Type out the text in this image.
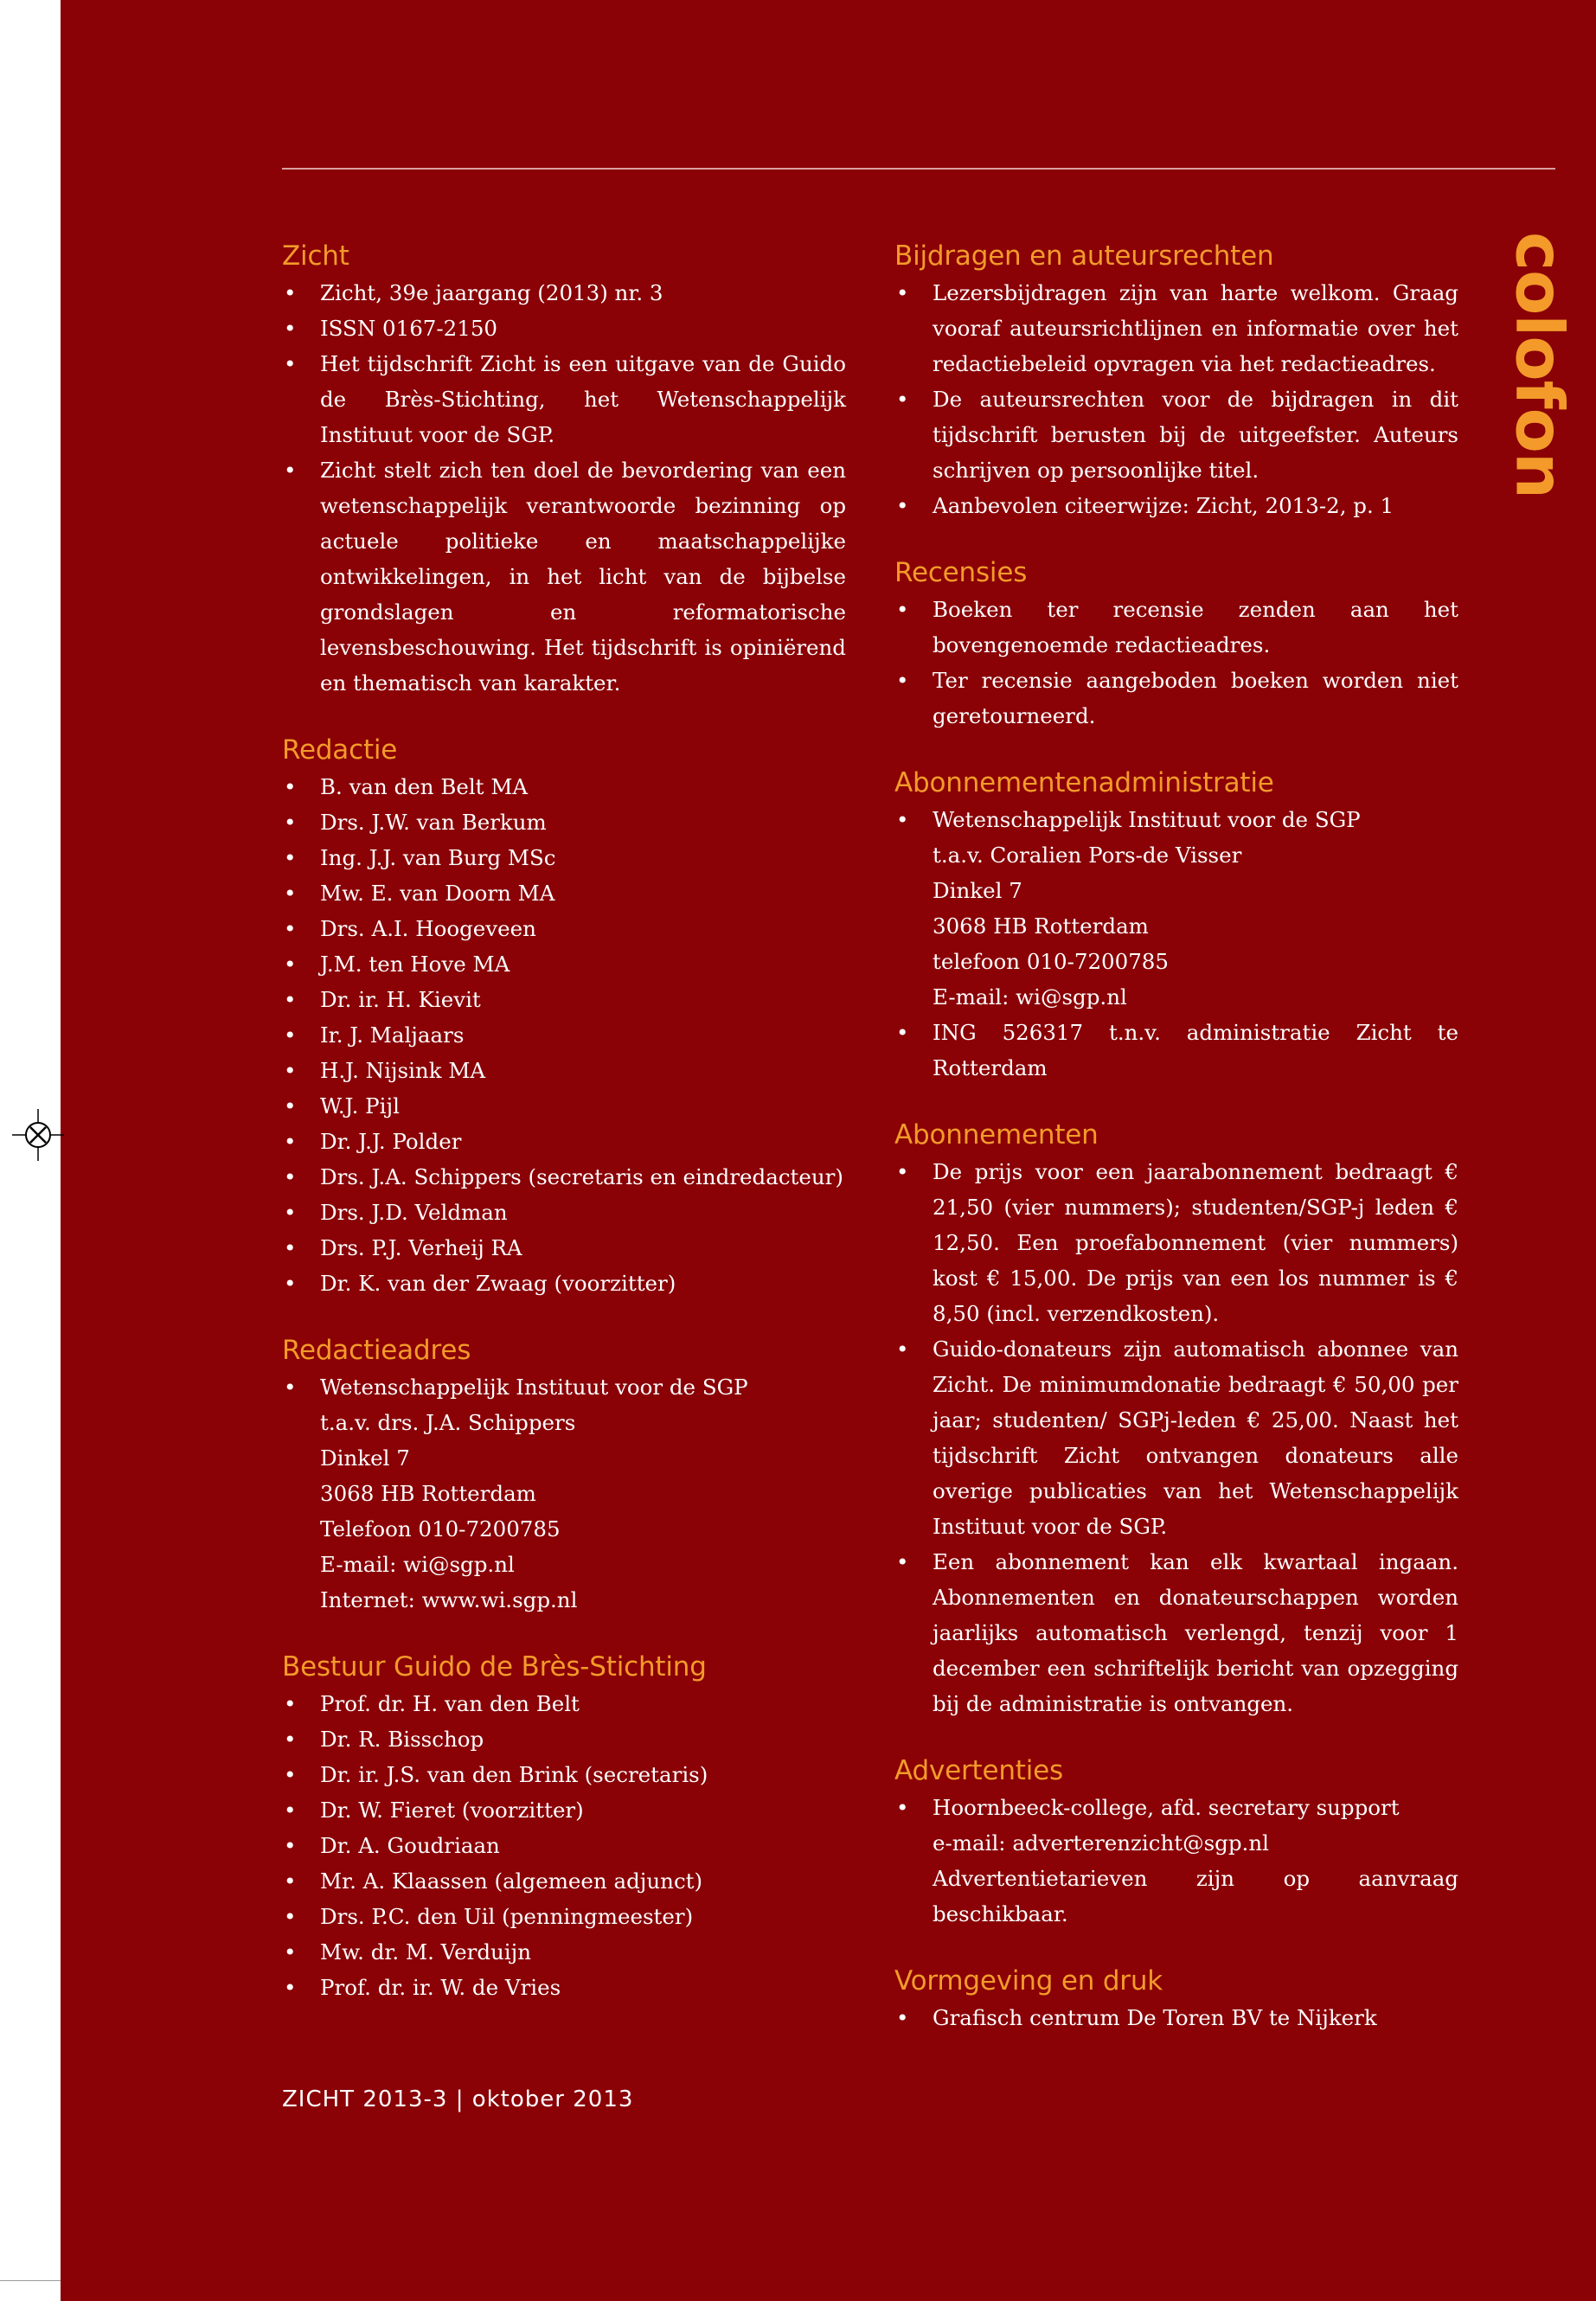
Zicht
• Zicht, 39e jaargang (2013) nr. 3
• ISSN 0167-2150
• Het tijdschrift Zicht is een uitgave van de Guido de Brès-Stichting, het Wetenschappelijk Instituut voor de SGP.
• Zicht stelt zich ten doel de bevordering van een wetenschappelijk verantwoorde bezinning op actuele politieke en maatschappelijke ontwikkelingen, in het licht van de bijbelse grondslagen en reformatorische levensbeschouwing. Het tijdschrift is opiniërend en thematisch van karakter.
Redactie
• B. van den Belt MA
• Drs. J.W. van Berkum
• Ing. J.J. van Burg MSc
• Mw. E. van Doorn MA
• Drs. A.I. Hoogeveen
• J.M. ten Hove MA
• Dr. ir. H. Kievit
• Ir. J. Maljaars
• H.J. Nijsink MA
• W.J. Pijl
• Dr. J.J. Polder
• Drs. J.A. Schippers (secretaris en eindredacteur)
• Drs. J.D. Veldman
• Drs. P.J. Verheij RA
• Dr. K. van der Zwaag (voorzitter)
Redactieadres
• Wetenschappelijk Instituut voor de SGP
t.a.v. drs. J.A. Schippers
Dinkel 7
3068 HB Rotterdam
Telefoon 010-7200785
E-mail: wi@sgp.nl
Internet: www.wi.sgp.nl
Bestuur Guido de Brès-Stichting
• Prof. dr. H. van den Belt
• Dr. R. Bisschop
• Dr. ir. J.S. van den Brink (secretaris)
• Dr. W. Fieret (voorzitter)
• Dr. A. Goudriaan
• Mr. A. Klaassen (algemeen adjunct)
• Drs. P.C. den Uil (penningmeester)
• Mw. dr. M. Verduijn
• Prof. dr. ir. W. de Vries
Bijdragen en auteursrechten
• Lezersbijdragen zijn van harte welkom. Graag vooraf auteursrichtlijnen en informatie over het redactiebeleid opvragen via het redactieadres.
• De auteursrechten voor de bijdragen in dit tijdschrift berusten bij de uitgeefster. Auteurs schrijven op persoonlijke titel.
• Aanbevolen citeerwijze: Zicht, 2013-2, p. 1
Recensies
• Boeken ter recensie zenden aan het bovengenoemde redactieadres.
• Ter recensie aangeboden boeken worden niet geretourneerd.
Abonnementenadministratie
• Wetenschappelijk Instituut voor de SGP
t.a.v. Coralien Pors-de Visser
Dinkel 7
3068 HB Rotterdam
telefoon 010-7200785
E-mail: wi@sgp.nl
• ING 526317 t.n.v. administratie Zicht te Rotterdam
Abonnementen
• De prijs voor een jaarabonnement bedraagt € 21,50 (vier nummers); studenten/SGP-j leden € 12,50. Een proefabonnement (vier nummers) kost € 15,00. De prijs van een los nummer is € 8,50 (incl. verzendkosten).
• Guido-donateurs zijn automatisch abonnee van Zicht. De minimumdonatie bedraagt € 50,00 per jaar; studenten/ SGPj-leden € 25,00. Naast het tijdschrift Zicht ontvangen donateurs alle overige publicaties van het Wetenschappelijk Instituut voor de SGP.
• Een abonnement kan elk kwartaal ingaan. Abonnementen en donateurschappen worden jaarlijks automatisch verlengd, tenzij voor 1 december een schriftelijk bericht van opzegging bij de administratie is ontvangen.
Advertenties
• Hoornbeeck-college, afd. secretary support
e-mail: adverterenzicht@sgp.nl
Advertentietarieven zijn op aanvraag beschikbaar.
Vormgeving en druk
• Grafisch centrum De Toren BV te Nijkerk
colofon
ZICHT 2013-3 | oktober 2013
